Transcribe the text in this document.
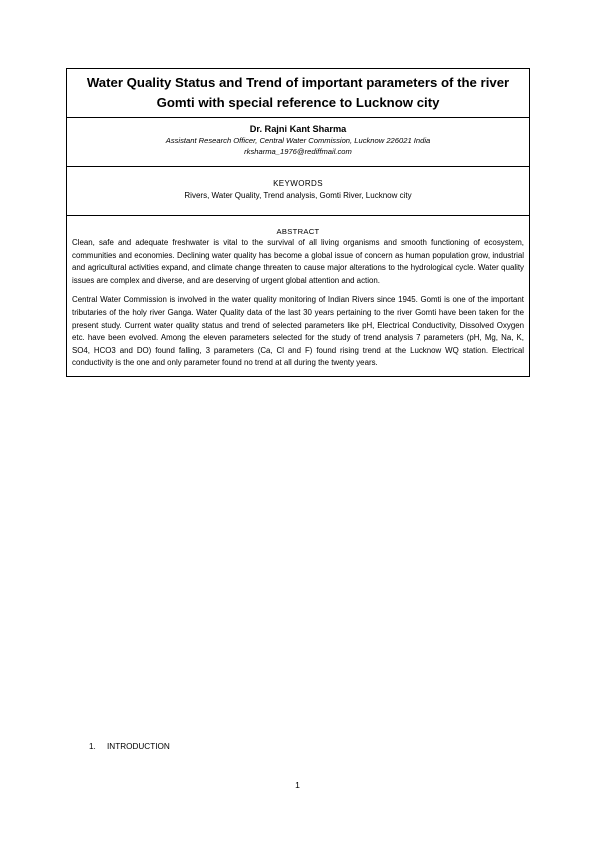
Water Quality Status and Trend of important parameters of the river Gomti with special reference to Lucknow city

Dr. Rajni Kant Sharma
Assistant Research Officer, Central Water Commission, Lucknow 226021 India
rksharma_1976@rediffmail.com
KEYWORDS
Rivers, Water Quality, Trend analysis, Gomti River, Lucknow city
ABSTRACT

Clean, safe and adequate freshwater is vital to the survival of all living organisms and smooth functioning of ecosystem, communities and economies. Declining water quality has become a global issue of concern as human population grow, industrial and agricultural activities expand, and climate change threaten to cause major alterations to the hydrological cycle. Water quality issues are complex and diverse, and are deserving of urgent global attention and action.

Central Water Commission is involved in the water quality monitoring of Indian Rivers since 1945. Gomti is one of the important tributaries of the holy river Ganga. Water Quality data of the last 30 years pertaining to the river Gomti have been taken for the present study. Current water quality status and trend of selected parameters like pH, Electrical Conductivity, Dissolved Oxygen etc. have been evolved. Among the eleven parameters selected for the study of trend analysis 7 parameters (pH, Mg, Na, K, SO4, HCO3 and DO) found falling, 3 parameters (Ca, Cl and F) found rising trend at the Lucknow WQ station. Electrical conductivity is the one and only parameter found no trend at all during the twenty years.

1. INTRODUCTION
1
